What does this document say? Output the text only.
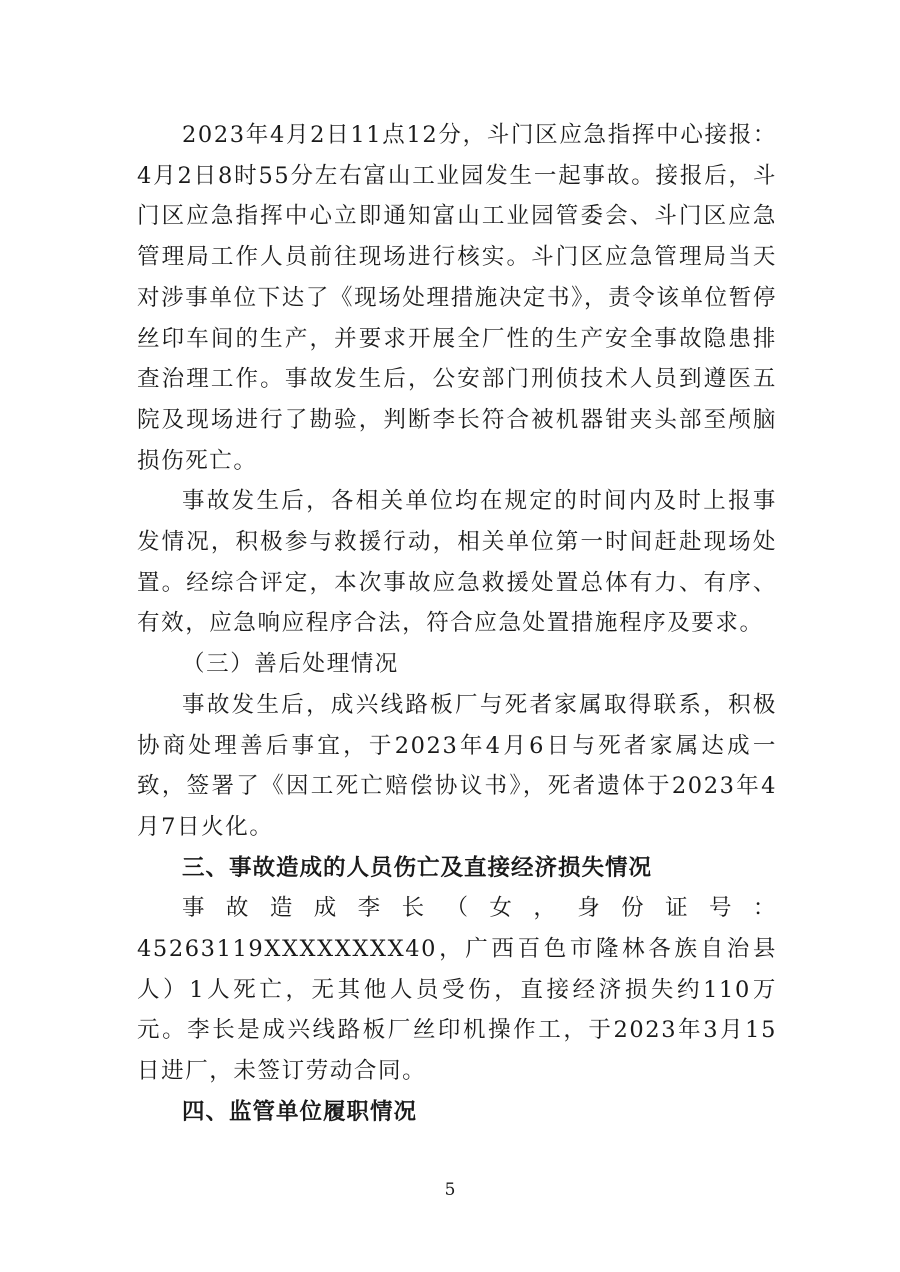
2023年4月2日11点12分，斗门区应急指挥中心接报：4月2日8时55分左右富山工业园发生一起事故。接报后，斗门区应急指挥中心立即通知富山工业园管委会、斗门区应急管理局工作人员前往现场进行核实。斗门区应急管理局当天对涉事单位下达了《现场处理措施决定书》，责令该单位暂停丝印车间的生产，并要求开展全厂性的生产安全事故隐患排查治理工作。事故发生后，公安部门刑侦技术人员到遵医五院及现场进行了勘验，判断李长符合被机器钳夹头部至颅脑损伤死亡。

事故发生后，各相关单位均在规定的时间内及时上报事发情况，积极参与救援行动，相关单位第一时间赶赴现场处置。经综合评定，本次事故应急救援处置总体有力、有序、有效，应急响应程序合法，符合应急处置措施程序及要求。

（三）善后处理情况

事故发生后，成兴线路板厂与死者家属取得联系，积极协商处理善后事宜，于2023年4月6日与死者家属达成一致，签署了《因工死亡赔偿协议书》，死者遗体于2023年4月7日火化。

三、事故造成的人员伤亡及直接经济损失情况

事故造成李长（女，身份证号：45263119XXXXXXXX40，广西百色市隆林各族自治县人）1人死亡，无其他人员受伤，直接经济损失约110万元。李长是成兴线路板厂丝印机操作工，于2023年3月15日进厂，未签订劳动合同。

四、监管单位履职情况

5
